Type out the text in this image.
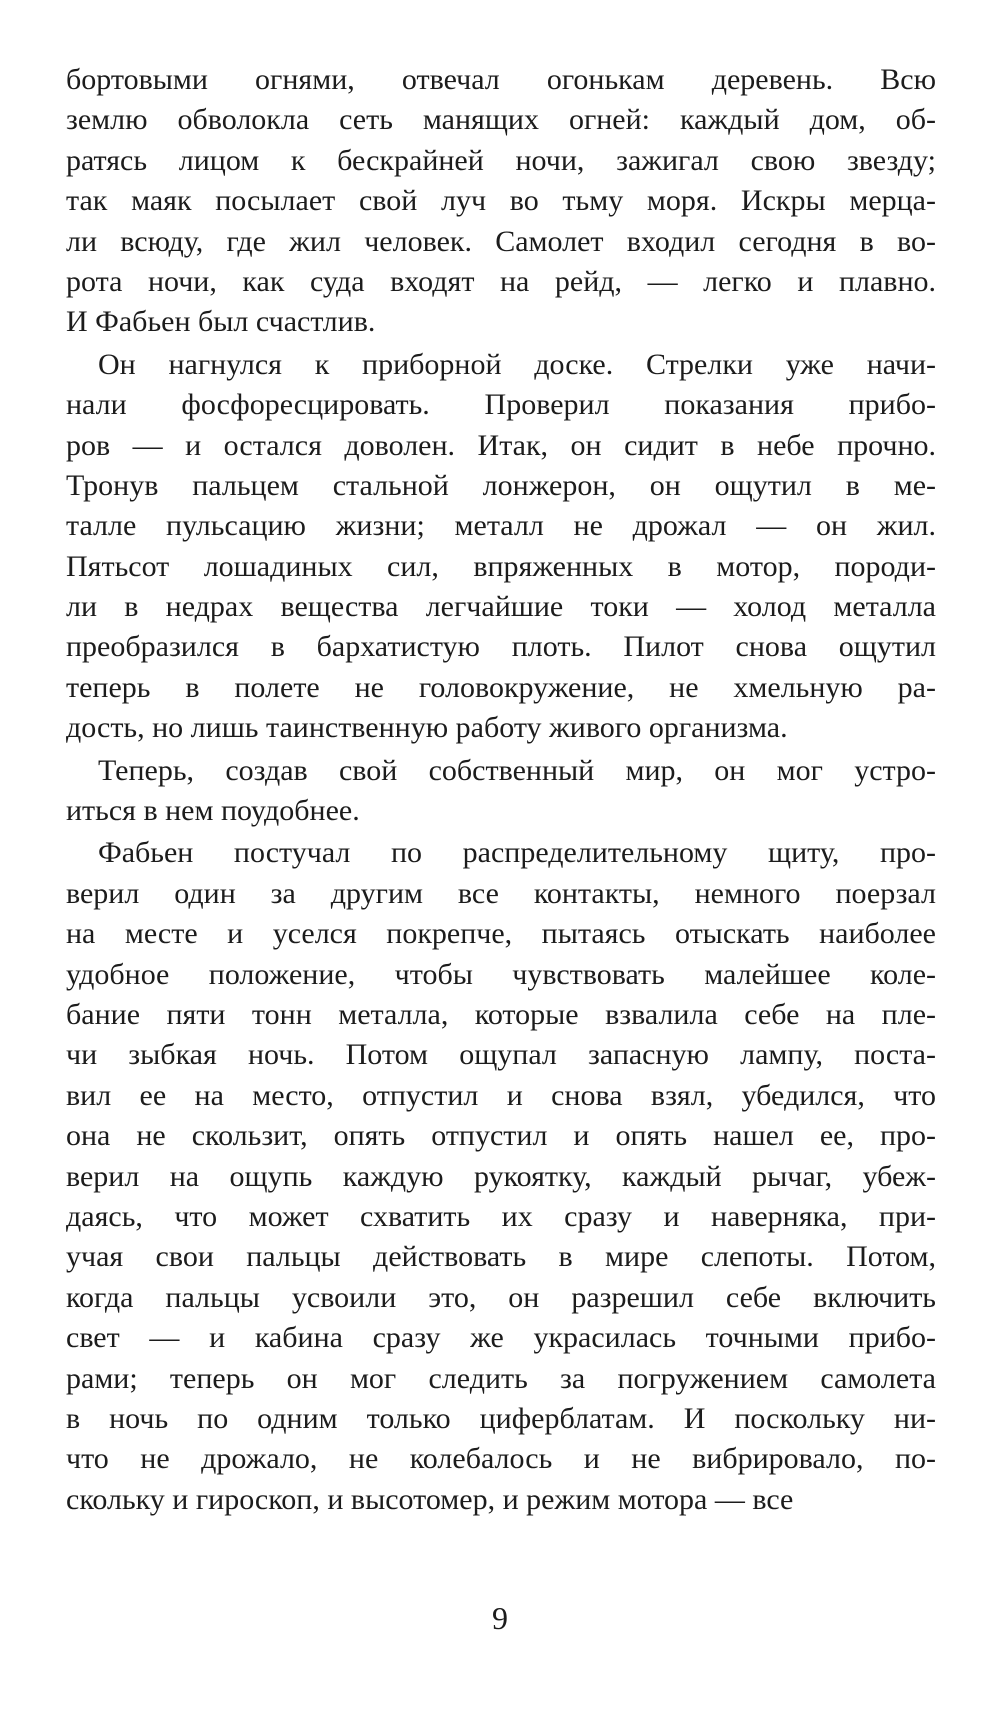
бортовыми огнями, отвечал огонькам деревень. Всю
землю обволокла сеть манящих огней: каждый дом, об-
ратясь лицом к бескрайней ночи, зажигал свою звезду;
так маяк посылает свой луч во тьму моря. Искры мерца-
ли всюду, где жил человек. Самолет входил сегодня в во-
рота ночи, как суда входят на рейд, — легко и плавно.
И Фабьен был счастлив.
Он нагнулся к приборной доске. Стрелки уже начи-
нали фосфоресцировать. Проверил показания прибо-
ров — и остался доволен. Итак, он сидит в небе прочно.
Тронув пальцем стальной лонжерон, он ощутил в ме-
талле пульсацию жизни; металл не дрожал — он жил.
Пятьсот лошадиных сил, впряженных в мотор, породи-
ли в недрах вещества легчайшие токи — холод металла
преобразился в бархатистую плоть. Пилот снова ощутил
теперь в полете не головокружение, не хмельную ра-
дость, но лишь таинственную работу живого организма.
Теперь, создав свой собственный мир, он мог устро-
иться в нем поудобнее.
Фабьен постучал по распределительному щиту, про-
верил один за другим все контакты, немного поерзал
на месте и уселся покрепче, пытаясь отыскать наиболее
удобное положение, чтобы чувствовать малейшее коле-
бание пяти тонн металла, которые взвалила себе на пле-
чи зыбкая ночь. Потом ощупал запасную лампу, поста-
вил ее на место, отпустил и снова взял, убедился, что
она не скользит, опять отпустил и опять нашел ее, про-
верил на ощупь каждую рукоятку, каждый рычаг, убеж-
даясь, что может схватить их сразу и наверняка, при-
учая свои пальцы действовать в мире слепоты. Потом,
когда пальцы усвоили это, он разрешил себе включить
свет — и кабина сразу же украсилась точными прибо-
рами; теперь он мог следить за погружением самолета
в ночь по одним только циферблатам. И поскольку ни-
что не дрожало, не колебалось и не вибрировало, по-
скольку и гироскоп, и высотомер, и режим мотора — все
9
